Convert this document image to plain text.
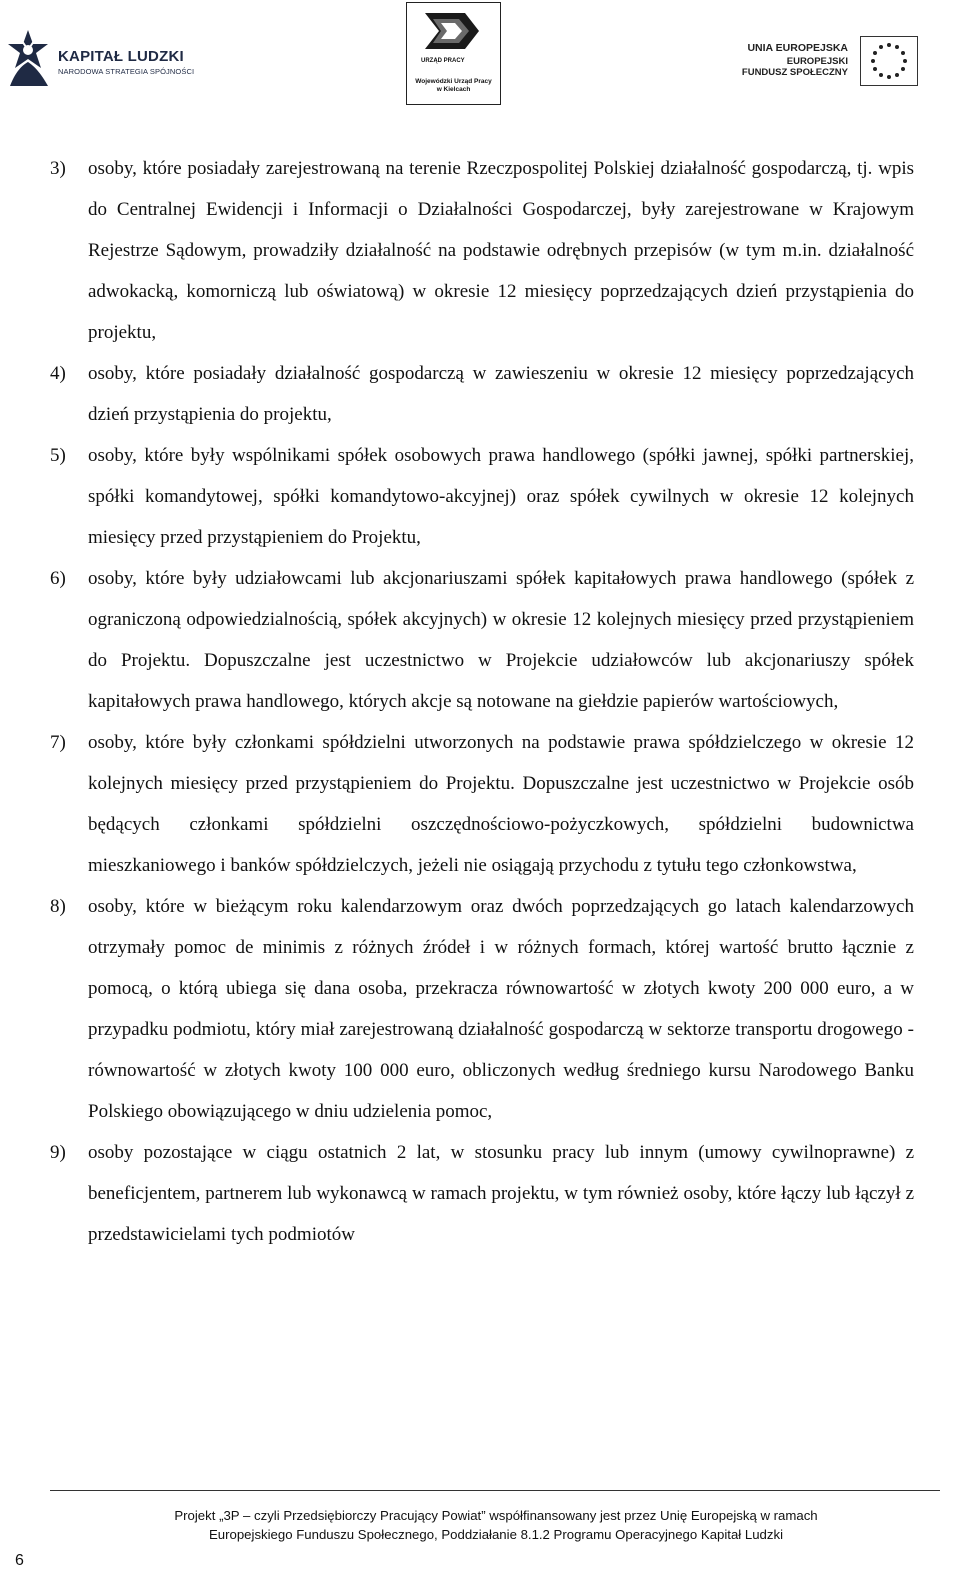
KAPITAŁ LUDZKI
NARODOWA STRATEGIA SPÓJNOŚCI
URZĄD PRACY
Wojewódzki Urząd Pracy
w Kielcach
UNIA EUROPEJSKA
EUROPEJSKI
FUNDUSZ SPOŁECZNY
3) osoby, które posiadały zarejestrowaną na terenie Rzeczpospolitej Polskiej działalność gospodarczą, tj. wpis do Centralnej Ewidencji i Informacji o Działalności Gospodarczej, były zarejestrowane w Krajowym Rejestrze Sądowym, prowadziły działalność na podstawie odrębnych przepisów (w tym m.in. działalność adwokacką, komorniczą lub oświatową) w okresie 12 miesięcy poprzedzających dzień przystąpienia do projektu,
4) osoby, które posiadały działalność gospodarczą w zawieszeniu w okresie 12 miesięcy poprzedzających dzień przystąpienia do projektu,
5) osoby, które były wspólnikami spółek osobowych prawa handlowego (spółki jawnej, spółki partnerskiej, spółki komandytowej, spółki komandytowo-akcyjnej) oraz spółek cywilnych w okresie 12 kolejnych miesięcy przed przystąpieniem do Projektu,
6) osoby, które były udziałowcami lub akcjonariuszami spółek kapitałowych prawa handlowego (spółek z ograniczoną odpowiedzialnością, spółek akcyjnych) w okresie 12 kolejnych miesięcy przed przystąpieniem do Projektu. Dopuszczalne jest uczestnictwo w Projekcie udziałowców lub akcjonariuszy spółek kapitałowych prawa handlowego, których akcje są notowane na giełdzie papierów wartościowych,
7) osoby, które były członkami spółdzielni utworzonych na podstawie prawa spółdzielczego w okresie 12 kolejnych miesięcy przed przystąpieniem do Projektu. Dopuszczalne jest uczestnictwo w Projekcie osób będących członkami spółdzielni oszczędnościowo-pożyczkowych, spółdzielni budownictwa mieszkaniowego i banków spółdzielczych, jeżeli nie osiągają przychodu z tytułu tego członkowstwa,
8) osoby, które w bieżącym roku kalendarzowym oraz dwóch poprzedzających go latach kalendarzowych otrzymały pomoc de minimis z różnych źródeł i w różnych formach, której wartość brutto łącznie z pomocą, o którą ubiega się dana osoba, przekracza równowartość w złotych kwoty 200 000 euro, a w przypadku podmiotu, który miał zarejestrowaną działalność gospodarczą w sektorze transportu drogowego - równowartość w złotych kwoty 100 000 euro, obliczonych według średniego kursu Narodowego Banku Polskiego obowiązującego w dniu udzielenia pomoc,
9) osoby pozostające w ciągu ostatnich 2 lat, w stosunku pracy lub innym (umowy cywilnoprawne) z beneficjentem, partnerem lub wykonawcą w ramach projektu, w tym również osoby, które łączy lub łączył z przedstawicielami tych podmiotów
Projekt „3P – czyli Przedsiębiorczy Pracujący Powiat” współfinansowany jest przez Unię Europejską w ramach
Europejskiego Funduszu Społecznego, Poddziałanie 8.1.2 Programu Operacyjnego Kapitał Ludzki
6
